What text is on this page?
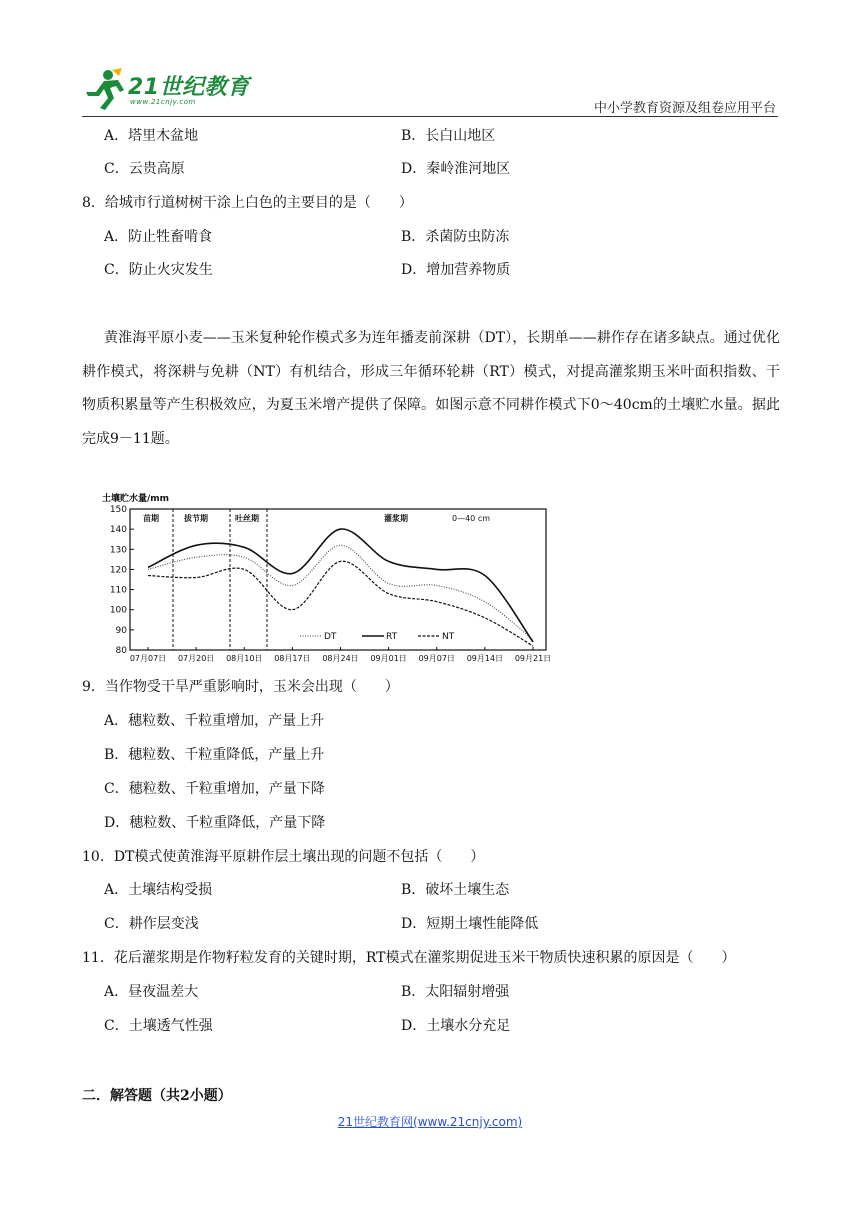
21世纪教育
www.21cnjy.com	中小学教育资源及组卷应用平台
A．塔里木盆地	B．长白山地区
C．云贵高原	D．秦岭淮河地区
8．给城市行道树树干涂上白色的主要目的是（　　）
A．防止牲畜啃食	B．杀菌防虫防冻
C．防止火灾发生	D．增加营养物质

黄淮海平原小麦——玉米复种轮作模式多为连年播麦前深耕（DT），长期单——耕作存在诸多缺点。通过优化耕作模式，将深耕与免耕（NT）有机结合，形成三年循环轮耕（RT）模式，对提高灌浆期玉米叶面积指数、干物质积累量等产生积极效应，为夏玉米增产提供了保障。如图示意不同耕作模式下0～40cm的土壤贮水量。据此完成9－11题。

土壤贮水量/mm
80
90
100
110
120
130
140
150
07月07日 07月20日 08月10日 08月17日 08月24日 09月01日 09月07日 09月14日 09月21日
苗期	拔节期	吐丝期	灌浆期	0—40 cm
DT	RT	NT
9．当作物受干旱严重影响时，玉米会出现（　　）
A．穗粒数、千粒重增加，产量上升
B．穗粒数、千粒重降低，产量上升
C．穗粒数、千粒重增加，产量下降
D．穗粒数、千粒重降低，产量下降
10．DT模式使黄淮海平原耕作层土壤出现的问题不包括（　　）
A．土壤结构受损	B．破坏土壤生态
C．耕作层变浅	D．短期土壤性能降低
11．花后灌浆期是作物籽粒发育的关键时期，RT模式在灌浆期促进玉米干物质快速积累的原因是（　　）
A．昼夜温差大	B．太阳辐射增强
C．土壤透气性强	D．土壤水分充足
二．解答题（共2小题）
21世纪教育网(www.21cnjy.com)
